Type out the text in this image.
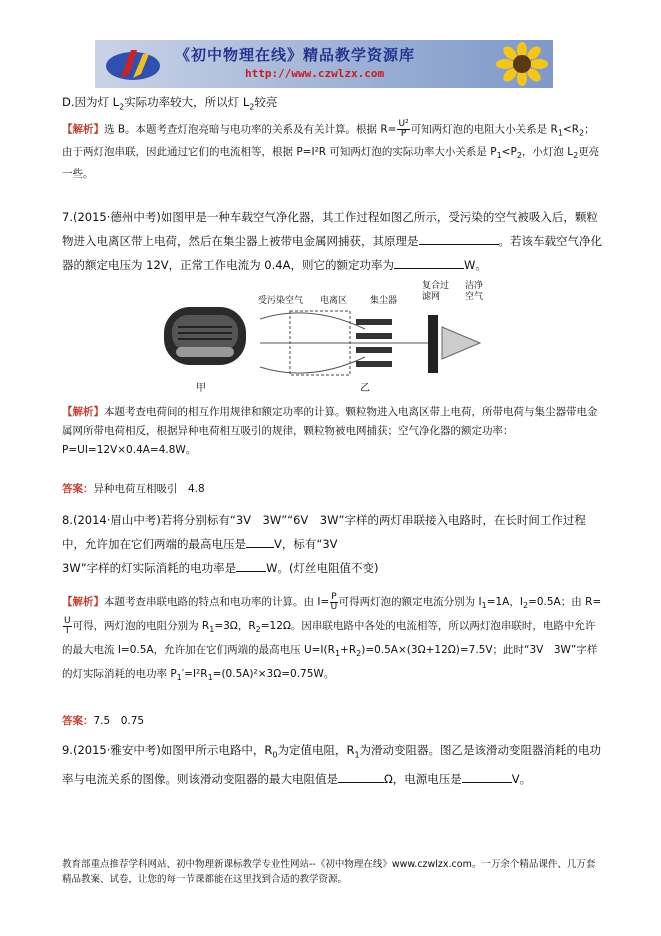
《初中物理在线》精品教学资源库
http://www.czwlzx.com

D.因为灯 $L_2$实际功率较大，所以灯 $L_2$较亮

【解析】选 B。本题考查灯泡亮暗与电功率的关系及有关计算。根据 $R= \frac{\text{U²}}{P}$ 可知两灯泡的电阻大小关系是 $R_1<R_2$；由于两灯泡串联，因此通过它们的电流相等，根据 P=I²R 可知两灯泡的实际功率大小关系是 $P_1<P_2$，小灯泡 $L_2$更亮一些。

7.(2015·德州中考)如图甲是一种车载空气净化器，其工作过程如图乙所示，受污染的空气被吸入后，颗粒物进入电离区带上电荷，然后在集尘器上被带电金属网捕获，其原理是	。若该车载空气净化器的额定电压为 12V，正常工作电流为 0.4A，则它的额定功率为	W。

受污染空气 电离区	集尘器
复合过滤网
洁净空气
甲	乙

【解析】本题考查电荷间的相互作用规律和额定功率的计算。颗粒物进入电离区带上电荷，所带电荷与集尘器带电金属网所带电荷相反，根据异种电荷相互吸引的规律，颗粒物被电网捕获；空气净化器的额定功率：P=UI=12V×0.4A=4.8W。

答案：异种电荷互相吸引　4.8

8.(2014·眉山中考)若将分别标有“3V　3W”“6V　3W”字样的两灯串联接入电路时，在长时间工作过程中，允许加在它们两端的最高电压是 V，标有“3V
3W”字样的灯实际消耗的电功率是	W。(灯丝电阻值不变)

【解析】本题考查串联电路的特点和电功率的计算。由 $I= \frac{P}{U}$ 可得两灯泡的额定电流分别为 $I_1=1A$，$I_2=0.5A$；由 R=
$\frac{U}{I}$ 可得，两灯泡的电阻分别为 $R_1=3\Omega$，$R_2=12\Omega$。因串联电路中各处的电流相等，所以两灯泡串联时，电路中允许的最大电流 I=0.5A，允许加在它们两端的最高电压 $U=I(R_1+R_2)=0.5A\times(3\Omega+12\Omega)=7.5V$；此时“3V　3W”字样的灯实际消耗的电功率 $P_1'=I^2R_1=(0.5A)^2\times 3\Omega=0.75W$。

答案：7.5　0.75

9.(2015·雅安中考)如图甲所示电路中，$R_0$为定值电阻，$R_1$为滑动变阻器。图乙是该滑动变阻器消耗的电功率与电流关系的图像。则该滑动变阻器的最大电阻值是	Ω，电源电压是	V。

教育部重点推荐学科网站、初中物理新课标教学专业性网站--《初中物理在线》www.czwlzx.com。一万余个精品课件、几万套精品教案、试卷，让您的每一节课都能在这里找到合适的教学资源。
